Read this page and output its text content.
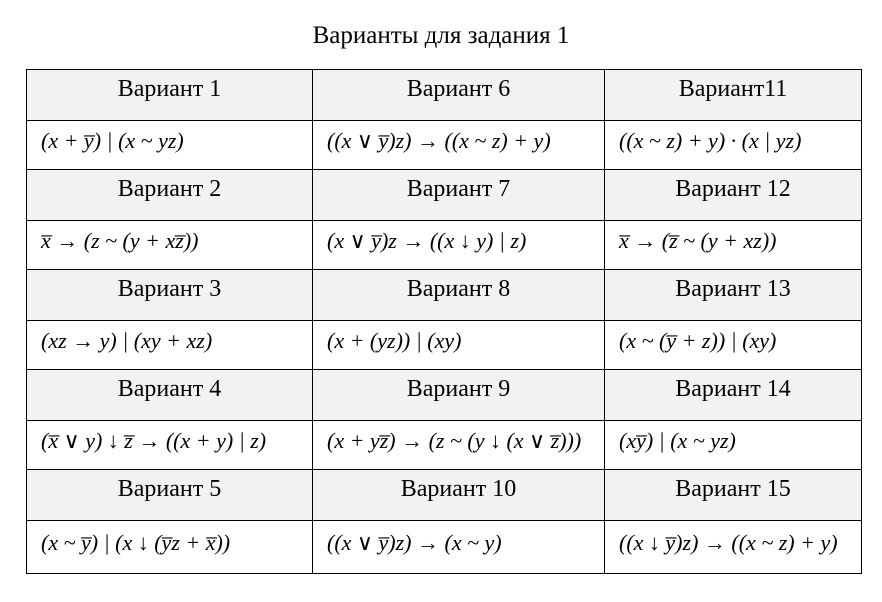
Варианты для задания 1
Вариант 1	Вариант 6	Вариант11
(x + y̅) | (x ~ yz)	((x ∨ y̅)z) → ((x ~ z) + y)	((x ~ z) + y) · (x | yz)
Вариант 2	Вариант 7	Вариант 12
x̅ → (z ~ (y + xz̅))	(x ∨ y̅)z → ((x ↓ y) | z)	x̅ → (z̅ ~ (y + xz))
Вариант 3	Вариант 8	Вариант 13
(xz → y) | (xy + xz)	(x + (yz)) | (xy)	(x ~ (y̅ + z)) | (xy)
Вариант 4	Вариант 9	Вариант 14
(x̅ ∨ y) ↓ z̅ → ((x + y) | z)	(x + yz̅) → (z ~ (y ↓ (x ∨ z̅)))	(xy̅) | (x ~ yz)
Вариант 5	Вариант 10	Вариант 15
(x ~ y̅) | (x ↓ (y̅z + x̅))	((x ∨ y̅)z) → (x ~ y)	((x ↓ y̅)z) → ((x ~ z) + y)
